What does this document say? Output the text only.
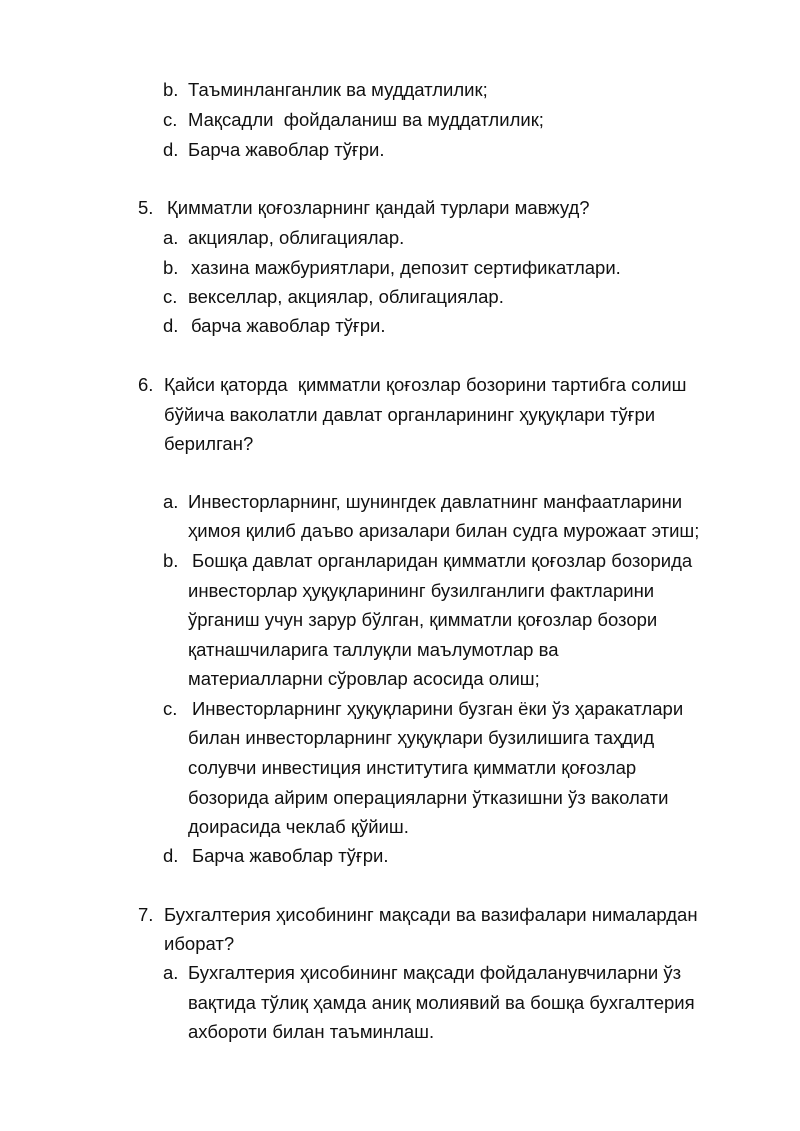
b. Таъминланганлик ва муддатлилик;
c. Мақсадли  фойдаланиш ва муддатлилик;
d. Барча жавоблар тўғри.
5. Қимматли қоғозларнинг қандай турлари мавжуд?
a. акциялар, облигациялар.
b. хазина мажбуриятлари, депозит сертификатлари.
c. векселлар, акциялар, облигациялар.
d. барча жавоблар тўғри.
6. Қайси қаторда  қимматли қоғозлар бозорини тартибга солиш
бўйича ваколатли давлат органларининг ҳуқуқлари тўғри
берилган?
a. Инвесторларнинг, шунингдек давлатнинг манфаатларини
ҳимоя қилиб даъво аризалари билан судга мурожаат этиш;
b. Бошқа давлат органларидан қимматли қоғозлар бозорида
инвесторлар ҳуқуқларининг бузилганлиги фактларини
ўрганиш учун зарур бўлган, қимматли қоғозлар бозори
қатнашчиларига таллуқли маълумотлар ва
материалларни сўровлар асосида олиш;
c. Инвесторларнинг ҳуқуқларини бузган ёки ўз ҳаракатлари
билан инвесторларнинг ҳуқуқлари бузилишига таҳдид
солувчи инвестиция институтига қимматли қоғозлар
бозорида айрим операцияларни ўтказишни ўз ваколати
доирасида чеклаб қўйиш.
d. Барча жавоблар тўғри.
7. Бухгалтерия ҳисобининг мақсади ва вазифалари нималардан
иборат?
a. Бухгалтерия ҳисобининг мақсади фойдаланувчиларни ўз
вақтида тўлиқ ҳамда аниқ молиявий ва бошқа бухгалтерия
ахбороти билан таъминлаш.
